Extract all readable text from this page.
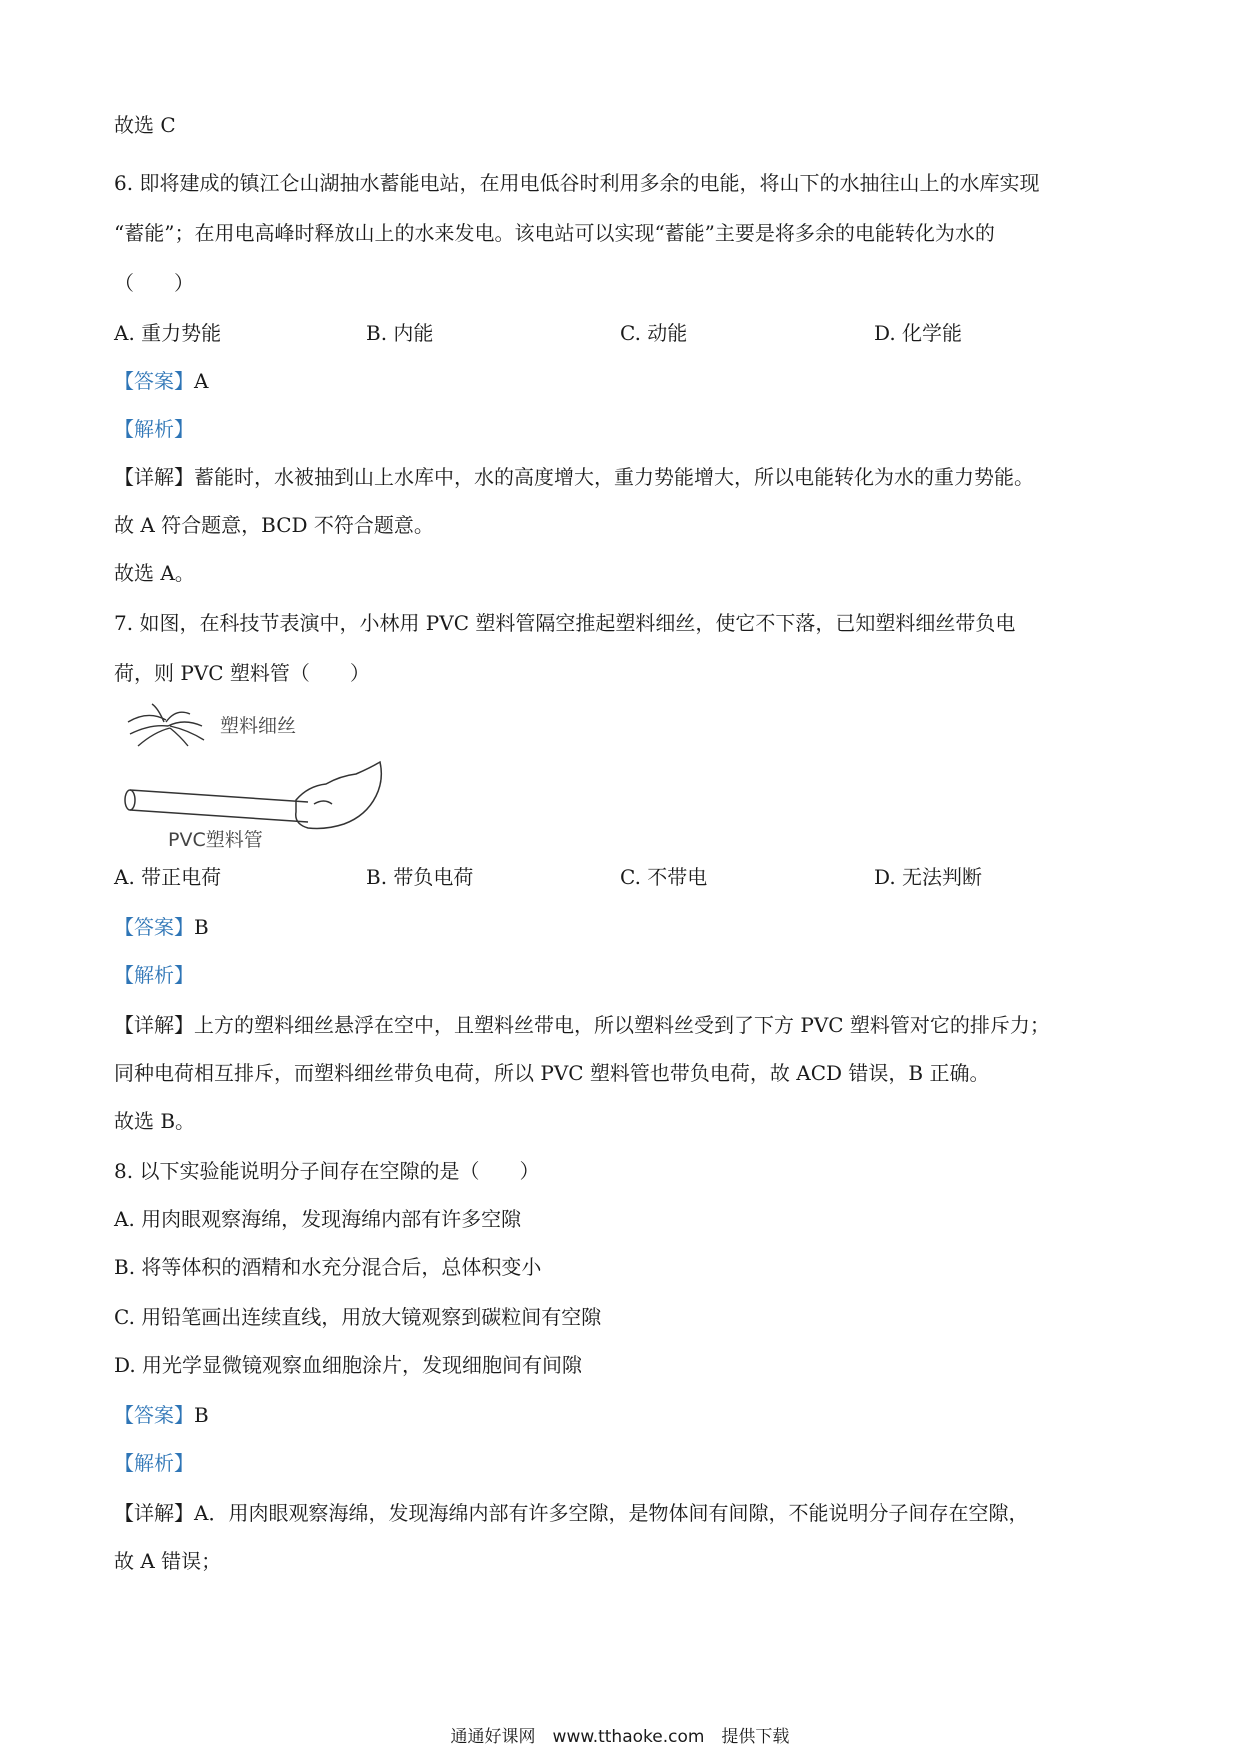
故选 C
6. 即将建成的镇江仑山湖抽水蓄能电站，在用电低谷时利用多余的电能，将山下的水抽往山上的水库实现
“蓄能”；在用电高峰时释放山上的水来发电。该电站可以实现“蓄能”主要是将多余的电能转化为水的
（　　）
A. 重力势能	B. 内能	C. 动能	D. 化学能
【答案】A
【解析】
【详解】蓄能时，水被抽到山上水库中，水的高度增大，重力势能增大，所以电能转化为水的重力势能。
故 A 符合题意，BCD 不符合题意。
故选 A。
7. 如图，在科技节表演中，小林用 PVC 塑料管隔空推起塑料细丝，使它不下落，已知塑料细丝带负电
荷，则 PVC 塑料管（　　）
塑料细丝
PVC塑料管
A. 带正电荷	B. 带负电荷	C. 不带电	D. 无法判断
【答案】B
【解析】
【详解】上方的塑料细丝悬浮在空中，且塑料丝带电，所以塑料丝受到了下方 PVC 塑料管对它的排斥力；
同种电荷相互排斥，而塑料细丝带负电荷，所以 PVC 塑料管也带负电荷，故 ACD 错误，B 正确。
故选 B。
8. 以下实验能说明分子间存在空隙的是（　　）
A. 用肉眼观察海绵，发现海绵内部有许多空隙
B. 将等体积的酒精和水充分混合后，总体积变小
C. 用铅笔画出连续直线，用放大镜观察到碳粒间有空隙
D. 用光学显微镜观察血细胞涂片，发现细胞间有间隙
【答案】B
【解析】
【详解】A．用肉眼观察海绵，发现海绵内部有许多空隙，是物体间有间隙，不能说明分子间存在空隙，
故 A 错误；
通通好课网　www.tthaoke.com　提供下载
